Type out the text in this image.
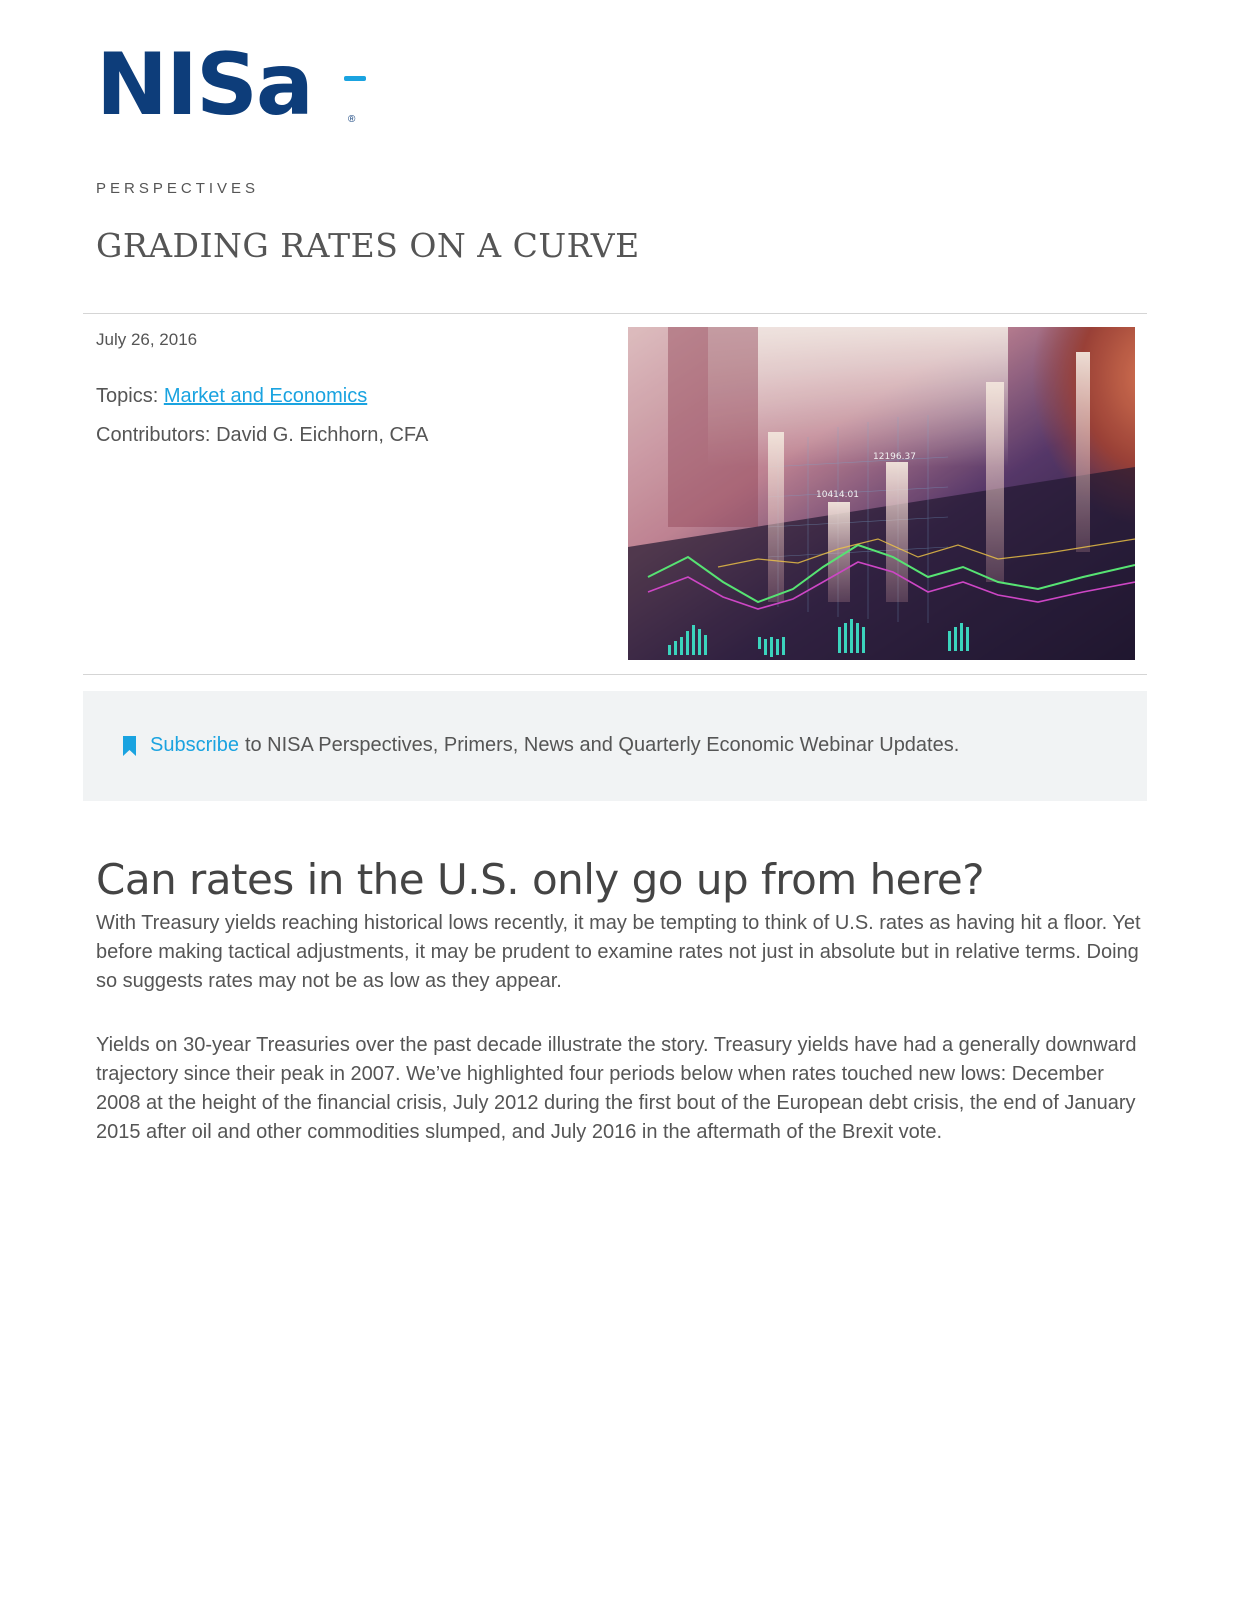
NISa	®
PERSPECTIVES
GRADING RATES ON A CURVE
July 26, 2016
Topics: Market and Economics
Contributors: David G. Eichhorn, CFA
12196.37
10414.01
Subscribe to NISA Perspectives, Primers, News and Quarterly Economic Webinar Updates.
Can rates in the U.S. only go up from here?

With Treasury yields reaching historical lows recently, it may be tempting to think of U.S. rates as having hit a floor. Yet before making tactical adjustments, it may be prudent to examine rates not just in absolute but in relative terms. Doing so suggests rates may not be as low as they appear.

Yields on 30-year Treasuries over the past decade illustrate the story. Treasury yields have had a generally downward trajectory since their peak in 2007. We’ve highlighted four periods below when rates touched new lows: December 2008 at the height of the financial crisis, July 2012 during the first bout of the European debt crisis, the end of January 2015 after oil and other commodities slumped, and July 2016 in the aftermath of the Brexit vote.
